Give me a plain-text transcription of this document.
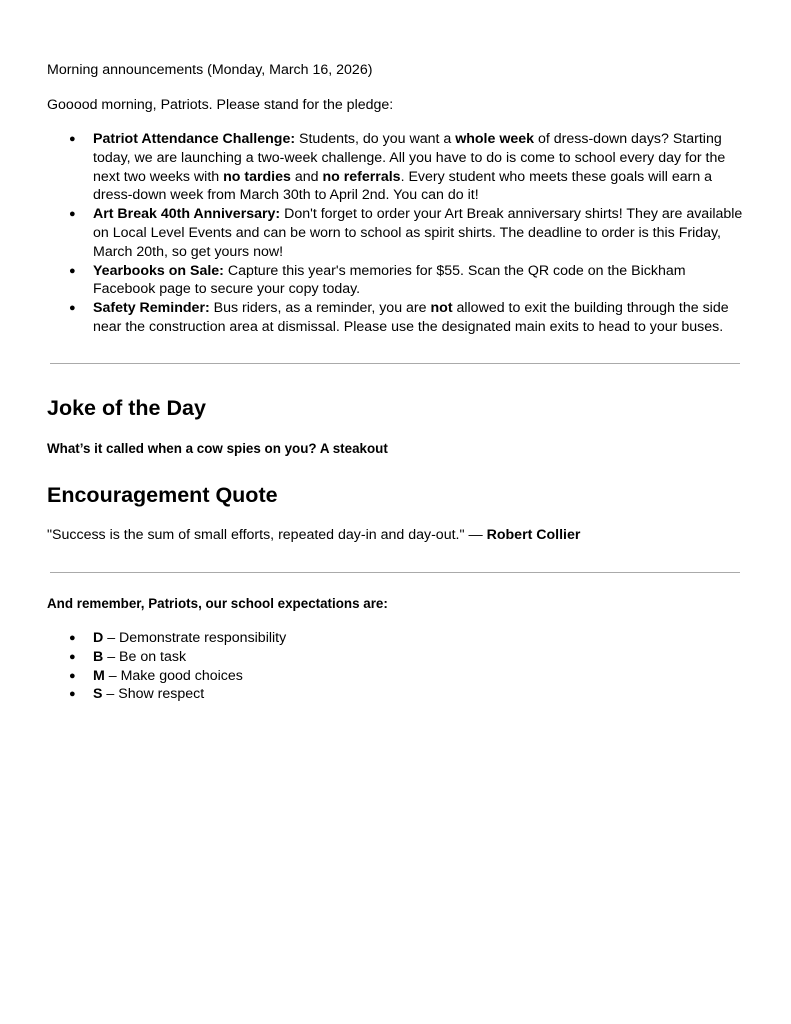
Morning announcements (Monday, March 16, 2026)
Gooood morning, Patriots. Please stand for the pledge:
● Patriot Attendance Challenge: Students, do you want a whole week of dress-down days? Starting today, we are launching a two-week challenge. All you have to do is come to school every day for the next two weeks with no tardies and no referrals. Every student who meets these goals will earn a dress-down week from March 30th to April 2nd. You can do it!
● Art Break 40th Anniversary: Don't forget to order your Art Break anniversary shirts! They are available on Local Level Events and can be worn to school as spirit shirts. The deadline to order is this Friday, March 20th, so get yours now!
● Yearbooks on Sale: Capture this year's memories for $55. Scan the QR code on the Bickham Facebook page to secure your copy today.
● Safety Reminder: Bus riders, as a reminder, you are not allowed to exit the building through the side near the construction area at dismissal. Please use the designated main exits to head to your buses.
Joke of the Day
What’s it called when a cow spies on you? A steakout
Encouragement Quote
"Success is the sum of small efforts, repeated day-in and day-out." — Robert Collier
And remember, Patriots, our school expectations are:
● D – Demonstrate responsibility
● B – Be on task
● M – Make good choices
● S – Show respect
